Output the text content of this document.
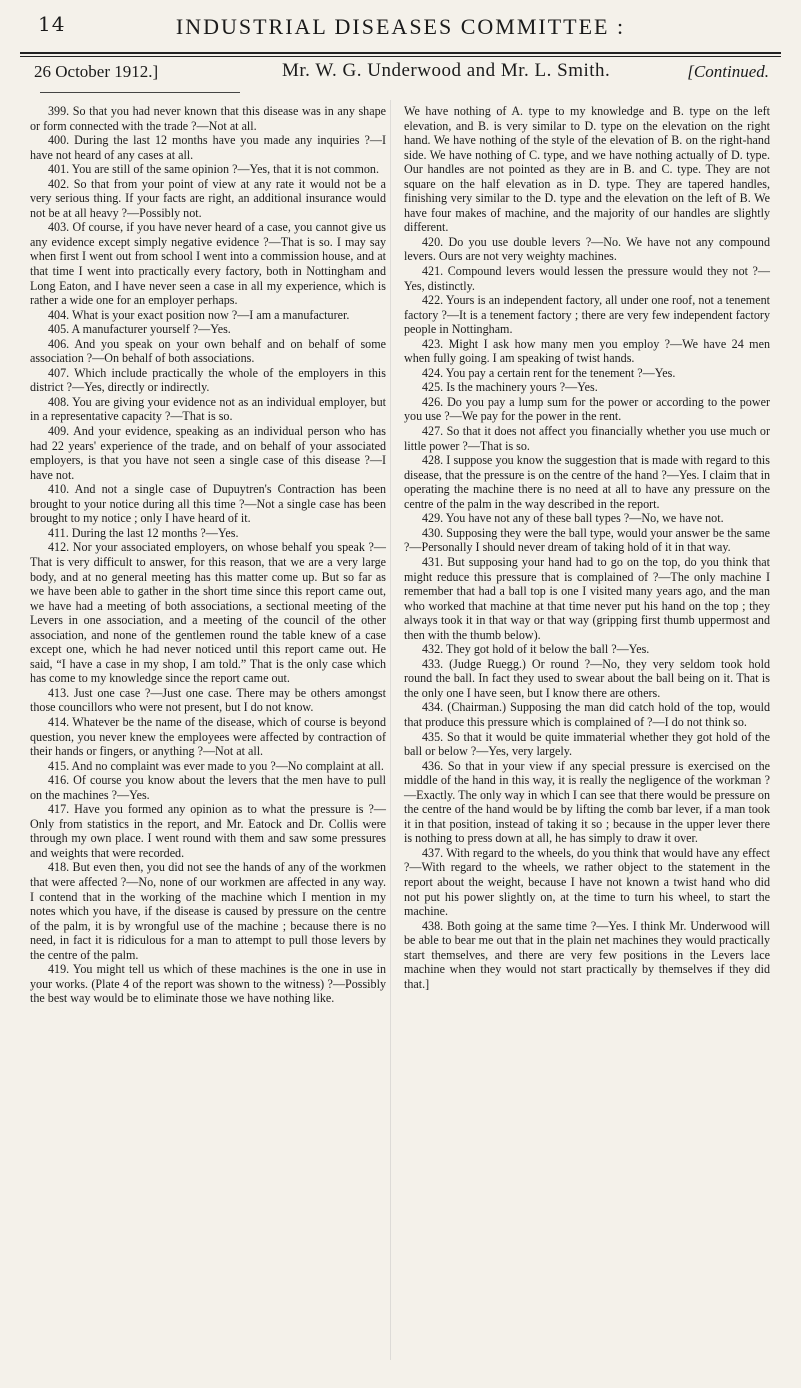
14	INDUSTRIAL DISEASES COMMITTEE :
26 October 1912.]	Mr. W. G. Underwood and Mr. L. Smith.	[Continued.

399. So that you had never known that this disease was in any shape or form connected with the trade ?—Not at all.

400. During the last 12 months have you made any inquiries ?—I have not heard of any cases at all.

401. You are still of the same opinion ?—Yes, that it is not common.

402. So that from your point of view at any rate it would not be a very serious thing. If your facts are right, an additional insurance would not be at all heavy ?—Possibly not.

403. Of course, if you have never heard of a case, you cannot give us any evidence except simply negative evidence ?—That is so. I may say when first I went out from school I went into a commission house, and at that time I went into practically every factory, both in Nottingham and Long Eaton, and I have never seen a case in all my experience, which is rather a wide one for an employer perhaps.

404. What is your exact position now ?—I am a manufacturer.

405. A manufacturer yourself ?—Yes.

406. And you speak on your own behalf and on behalf of some association ?—On behalf of both associations.

407. Which include practically the whole of the employers in this district ?—Yes, directly or indirectly.

408. You are giving your evidence not as an individual employer, but in a representative capacity ?—That is so.

409. And your evidence, speaking as an individual person who has had 22 years' experience of the trade, and on behalf of your associated employers, is that you have not seen a single case of this disease ?—I have not.

410. And not a single case of Dupuytren's Contraction has been brought to your notice during all this time ?—Not a single case has been brought to my notice ; only I have heard of it.

411. During the last 12 months ?—Yes.

412. Nor your associated employers, on whose behalf you speak ?—That is very difficult to answer, for this reason, that we are a very large body, and at no general meeting has this matter come up. But so far as we have been able to gather in the short time since this report came out, we have had a meeting of both associations, a sectional meeting of the Levers in one association, and a meeting of the council of the other association, and none of the gentlemen round the table knew of a case except one, which he had never noticed until this report came out. He said, “I have a case in my shop, I am told.” That is the only case which has come to my knowledge since the report came out.

413. Just one case ?—Just one case. There may be others amongst those councillors who were not present, but I do not know.

414. Whatever be the name of the disease, which of course is beyond question, you never knew the employees were affected by contraction of their hands or fingers, or anything ?—Not at all.

415. And no complaint was ever made to you ?—No complaint at all.

416. Of course you know about the levers that the men have to pull on the machines ?—Yes.

417. Have you formed any opinion as to what the pressure is ?—Only from statistics in the report, and Mr. Eatock and Dr. Collis were through my own place. I went round with them and saw some pressures and weights that were recorded.

418. But even then, you did not see the hands of any of the workmen that were affected ?—No, none of our workmen are affected in any way. I contend that in the working of the machine which I mention in my notes which you have, if the disease is caused by pressure on the centre of the palm, it is by wrongful use of the machine ; because there is no need, in fact it is ridiculous for a man to attempt to pull those levers by the centre of the palm.

419. You might tell us which of these machines is the one in use in your works. (Plate 4 of the report was shown to the witness) ?—Possibly the best way would be to eliminate those we have nothing like.

We have nothing of A. type to my knowledge and B. type on the left elevation, and B. is very similar to D. type on the elevation on the right hand. We have nothing of the style of the elevation of B. on the right-hand side. We have nothing of C. type, and we have nothing actually of D. type. Our handles are not pointed as they are in B. and C. type. They are not square on the half elevation as in D. type. They are tapered handles, finishing very similar to the D. type and the elevation on the left of B. We have four makes of machine, and the majority of our handles are slightly different.

420. Do you use double levers ?—No. We have not any compound levers. Ours are not very weighty machines.

421. Compound levers would lessen the pressure would they not ?—Yes, distinctly.

422. Yours is an independent factory, all under one roof, not a tenement factory ?—It is a tenement factory ; there are very few independent factory people in Nottingham.

423. Might I ask how many men you employ ?—We have 24 men when fully going. I am speaking of twist hands.

424. You pay a certain rent for the tenement ?—Yes.

425. Is the machinery yours ?—Yes.

426. Do you pay a lump sum for the power or according to the power you use ?—We pay for the power in the rent.

427. So that it does not affect you financially whether you use much or little power ?—That is so.

428. I suppose you know the suggestion that is made with regard to this disease, that the pressure is on the centre of the hand ?—Yes. I claim that in operating the machine there is no need at all to have any pressure on the centre of the palm in the way described in the report.

429. You have not any of these ball types ?—No, we have not.

430. Supposing they were the ball type, would your answer be the same ?—Personally I should never dream of taking hold of it in that way.

431. But supposing your hand had to go on the top, do you think that might reduce this pressure that is complained of ?—The only machine I remember that had a ball top is one I visited many years ago, and the man who worked that machine at that time never put his hand on the top ; they always took it in that way or that way (gripping first thumb uppermost and then with the thumb below).

432. They got hold of it below the ball ?—Yes.

433. (Judge Ruegg.) Or round ?—No, they very seldom took hold round the ball. In fact they used to swear about the ball being on it. That is the only one I have seen, but I know there are others.

434. (Chairman.) Supposing the man did catch hold of the top, would that produce this pressure which is complained of ?—I do not think so.

435. So that it would be quite immaterial whether they got hold of the ball or below ?—Yes, very largely.

436. So that in your view if any special pressure is exercised on the middle of the hand in this way, it is really the negligence of the workman ?—Exactly. The only way in which I can see that there would be pressure on the centre of the hand would be by lifting the comb bar lever, if a man took it in that position, instead of taking it so ; because in the upper lever there is nothing to press down at all, he has simply to draw it over.

437. With regard to the wheels, do you think that would have any effect ?—With regard to the wheels, we rather object to the statement in the report about the weight, because I have not known a twist hand who did not put his power slightly on, at the time to turn his wheel, to start the machine.

438. Both going at the same time ?—Yes. I think Mr. Underwood will be able to bear me out that in the plain net machines they would practically start themselves, and there are very few positions in the Levers lace machine when they would not start practically by themselves if they did that.]
